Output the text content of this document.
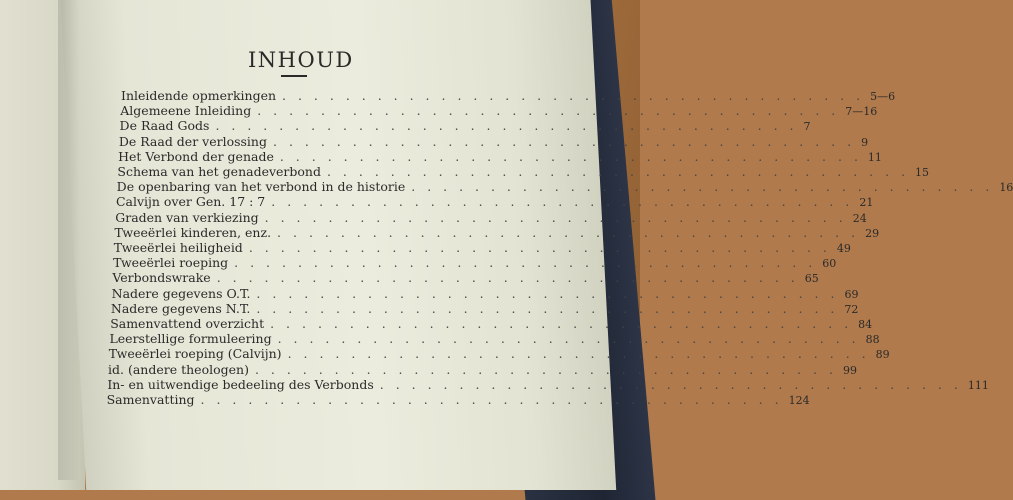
INHOUD
Inleidende opmerkingen . . . . . . . . . . . . . . . . . . . . . . . . . . . . . . . . . . . . . 5—6
Algemeene Inleiding . . . . . . . . . . . . . . . . . . . . . . . . . . . . . . . . . . . . . 7—16
De Raad Gods . . . . . . . . . . . . . . . . . . . . . . . . . . . . . . . . . . . . . 7
De Raad der verlossing . . . . . . . . . . . . . . . . . . . . . . . . . . . . . . . . . . . . . 9
Het Verbond der genade . . . . . . . . . . . . . . . . . . . . . . . . . . . . . . . . . . . . . 11
Schema van het genadeverbond . . . . . . . . . . . . . . . . . . . . . . . . . . . . . . . . . . . . . 15
De openbaring van het verbond in de historie . . . . . . . . . . . . . . . . . . . . . . . . . . . . . . . . . . . . . 16
Calvijn over Gen. 17 : 7 . . . . . . . . . . . . . . . . . . . . . . . . . . . . . . . . . . . . . 21
Graden van verkiezing . . . . . . . . . . . . . . . . . . . . . . . . . . . . . . . . . . . . . 24
Tweeërlei kinderen, enz. . . . . . . . . . . . . . . . . . . . . . . . . . . . . . . . . . . . . . 29
Tweeërlei heiligheid . . . . . . . . . . . . . . . . . . . . . . . . . . . . . . . . . . . . . 49
Tweeërlei roeping . . . . . . . . . . . . . . . . . . . . . . . . . . . . . . . . . . . . . 60
Verbondswrake . . . . . . . . . . . . . . . . . . . . . . . . . . . . . . . . . . . . . 65
Nadere gegevens O.T. . . . . . . . . . . . . . . . . . . . . . . . . . . . . . . . . . . . . . 69
Nadere gegevens N.T. . . . . . . . . . . . . . . . . . . . . . . . . . . . . . . . . . . . . . 72
Samenvattend overzicht . . . . . . . . . . . . . . . . . . . . . . . . . . . . . . . . . . . . . 84
Leerstellige formuleering . . . . . . . . . . . . . . . . . . . . . . . . . . . . . . . . . . . . . 88
Tweeërlei roeping (Calvijn) . . . . . . . . . . . . . . . . . . . . . . . . . . . . . . . . . . . . . 89
id. (andere theologen) . . . . . . . . . . . . . . . . . . . . . . . . . . . . . . . . . . . . . 99
In- en uitwendige bedeeling des Verbonds . . . . . . . . . . . . . . . . . . . . . . . . . . . . . . . . . . . . . 111
Samenvatting . . . . . . . . . . . . . . . . . . . . . . . . . . . . . . . . . . . . . 124
